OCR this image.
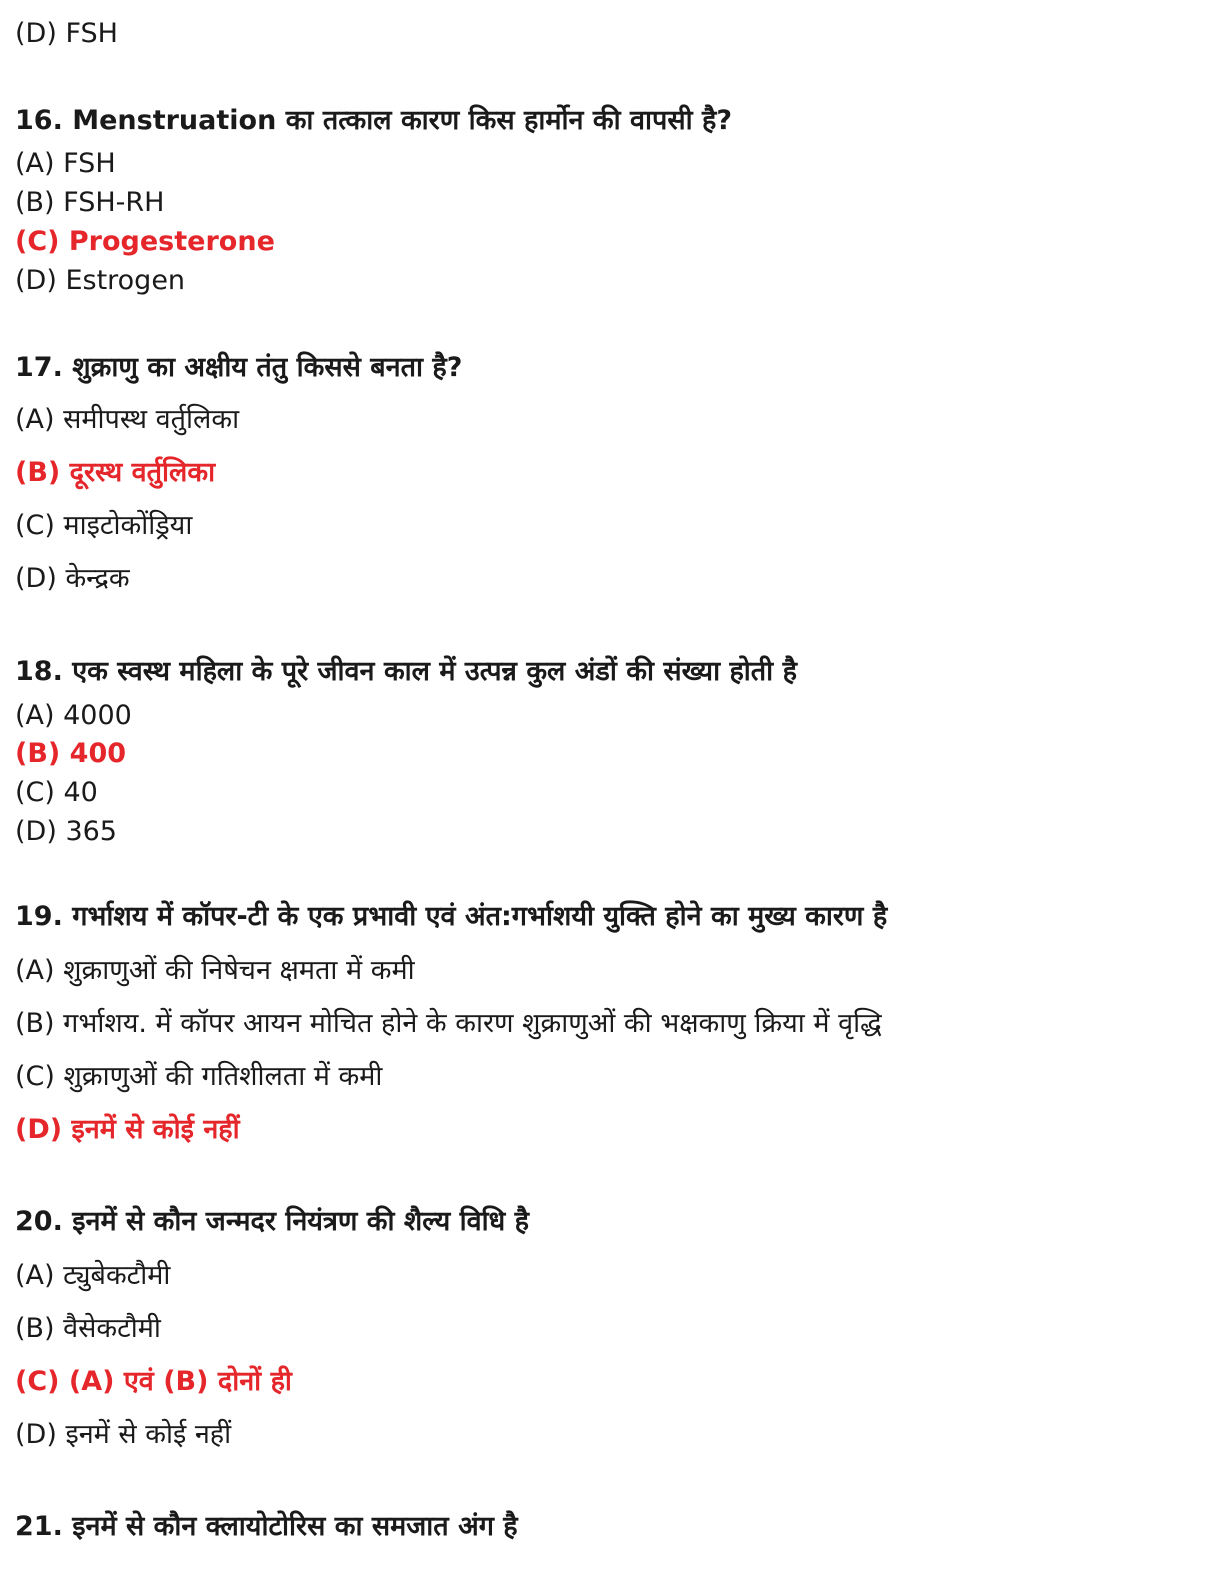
(D) FSH
16. Menstruation का तत्काल कारण किस हार्मोन की वापसी है?
(A) FSH
(B) FSH-RH
(C) Progesterone
(D) Estrogen
17. शुक्राणु का अक्षीय तंतु किससे बनता है?
(A) समीपस्थ वर्तुलिका
(B) दूरस्थ वर्तुलिका
(C) माइटोकोंड्रिया
(D) केन्द्रक
18. एक स्वस्थ महिला के पूरे जीवन काल में उत्पन्न कुल अंडों की संख्या होती है
(A) 4000
(B) 400
(C) 40
(D) 365
19. गर्भाशय में कॉपर-टी के एक प्रभावी एवं अंत:गर्भाशयी युक्ति होने का मुख्य कारण है
(A) शुक्राणुओं की निषेचन क्षमता में कमी
(B) गर्भाशय. में कॉपर आयन मोचित होने के कारण शुक्राणुओं की भक्षकाणु क्रिया में वृद्धि
(C) शुक्राणुओं की गतिशीलता में कमी
(D) इनमें से कोई नहीं
20. इनमें से कौन जन्मदर नियंत्रण की शैल्य विधि है
(A) ट्युबेकटौमी
(B) वैसेकटौमी
(C) (A) एवं (B) दोनों ही
(D) इनमें से कोई नहीं
21. इनमें से कौन क्लायोटोरिस का समजात अंग है
